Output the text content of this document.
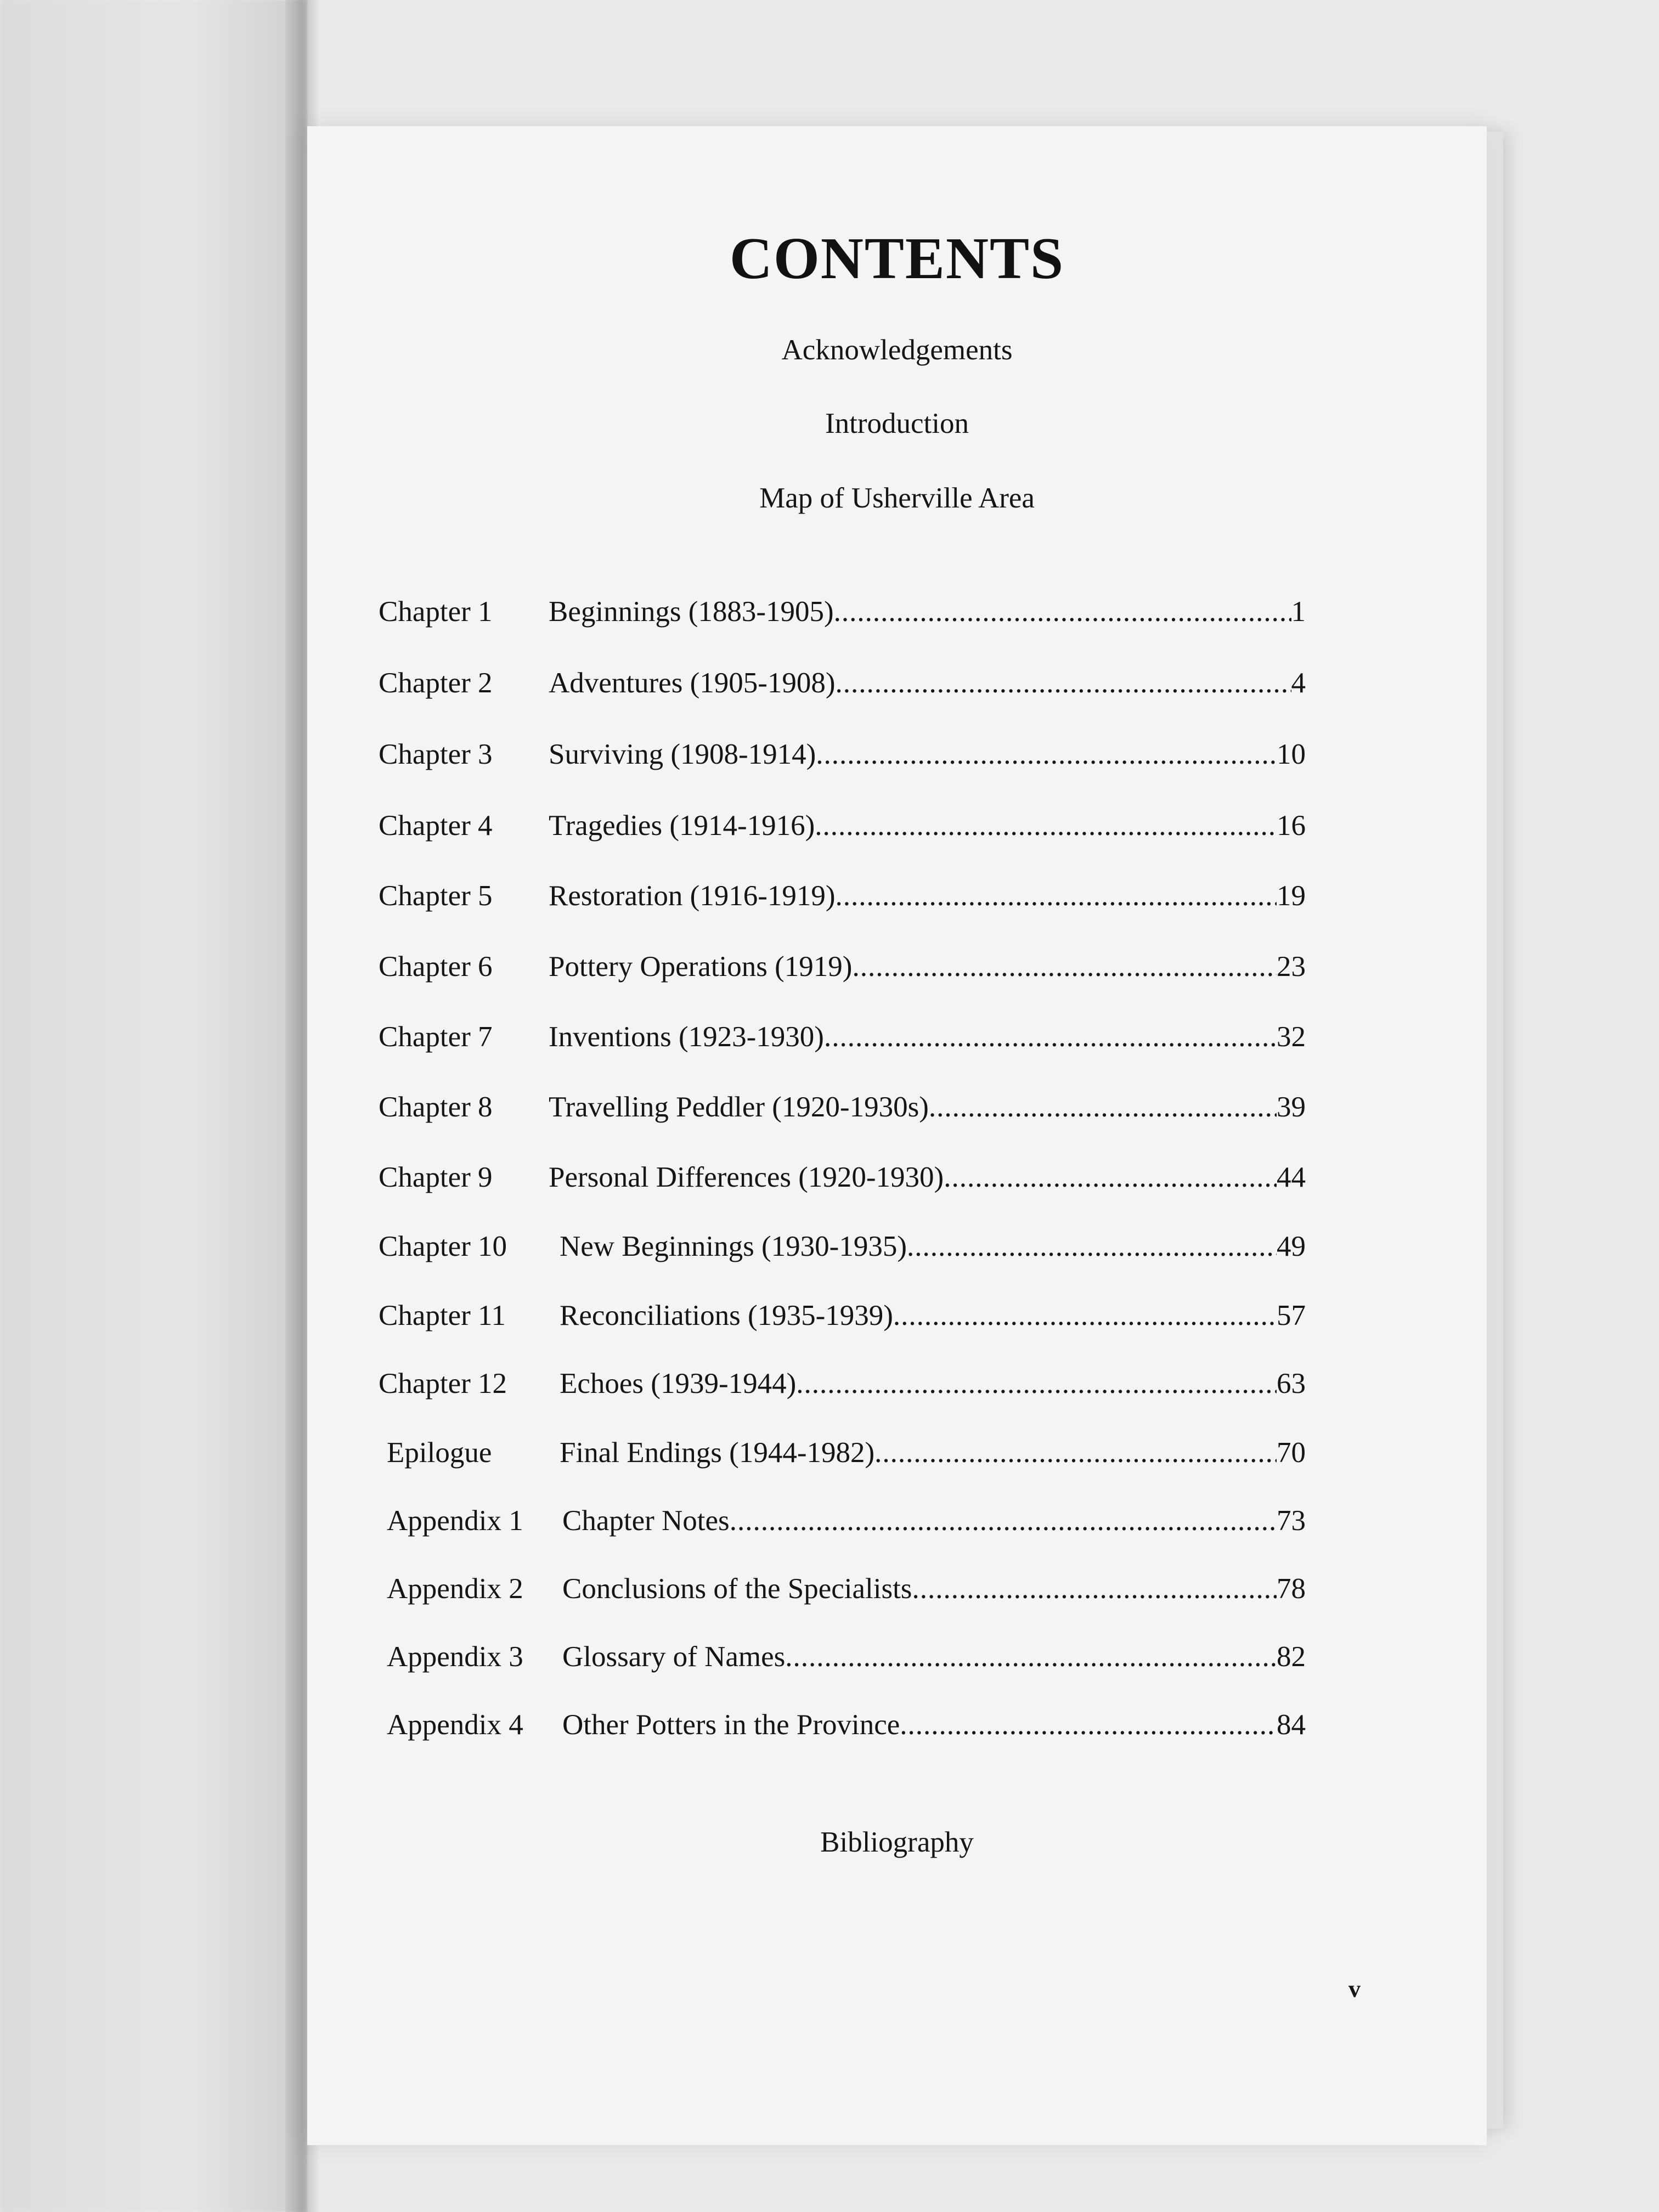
CONTENTS
Acknowledgements
Introduction
Map of Usherville Area
Chapter 1 Beginnings (1883-1905) .....	1
Chapter 2 Adventures (1905-1908) .....	4
Chapter 3 Surviving (1908-1914) .....	10
Chapter 4 Tragedies (1914-1916) .....	16
Chapter 5 Restoration (1916-1919) .....	19
Chapter 6 Pottery Operations (1919) .....	23
Chapter 7 Inventions (1923-1930) .....	32
Chapter 8 Travelling Peddler (1920-1930s) .....	39
Chapter 9 Personal Differences (1920-1930) .....	44
Chapter 10 New Beginnings (1930-1935) .....	49
Chapter 11 Reconciliations (1935-1939) .....	57
Chapter 12 Echoes (1939-1944) .....	63
Epilogue Final Endings (1944-1982) .....	70
Appendix 1 Chapter Notes .....	73
Appendix 2 Conclusions of the Specialists .....	78
Appendix 3 Glossary of Names .....	82
Appendix 4 Other Potters in the Province .....	84
Bibliography
v
